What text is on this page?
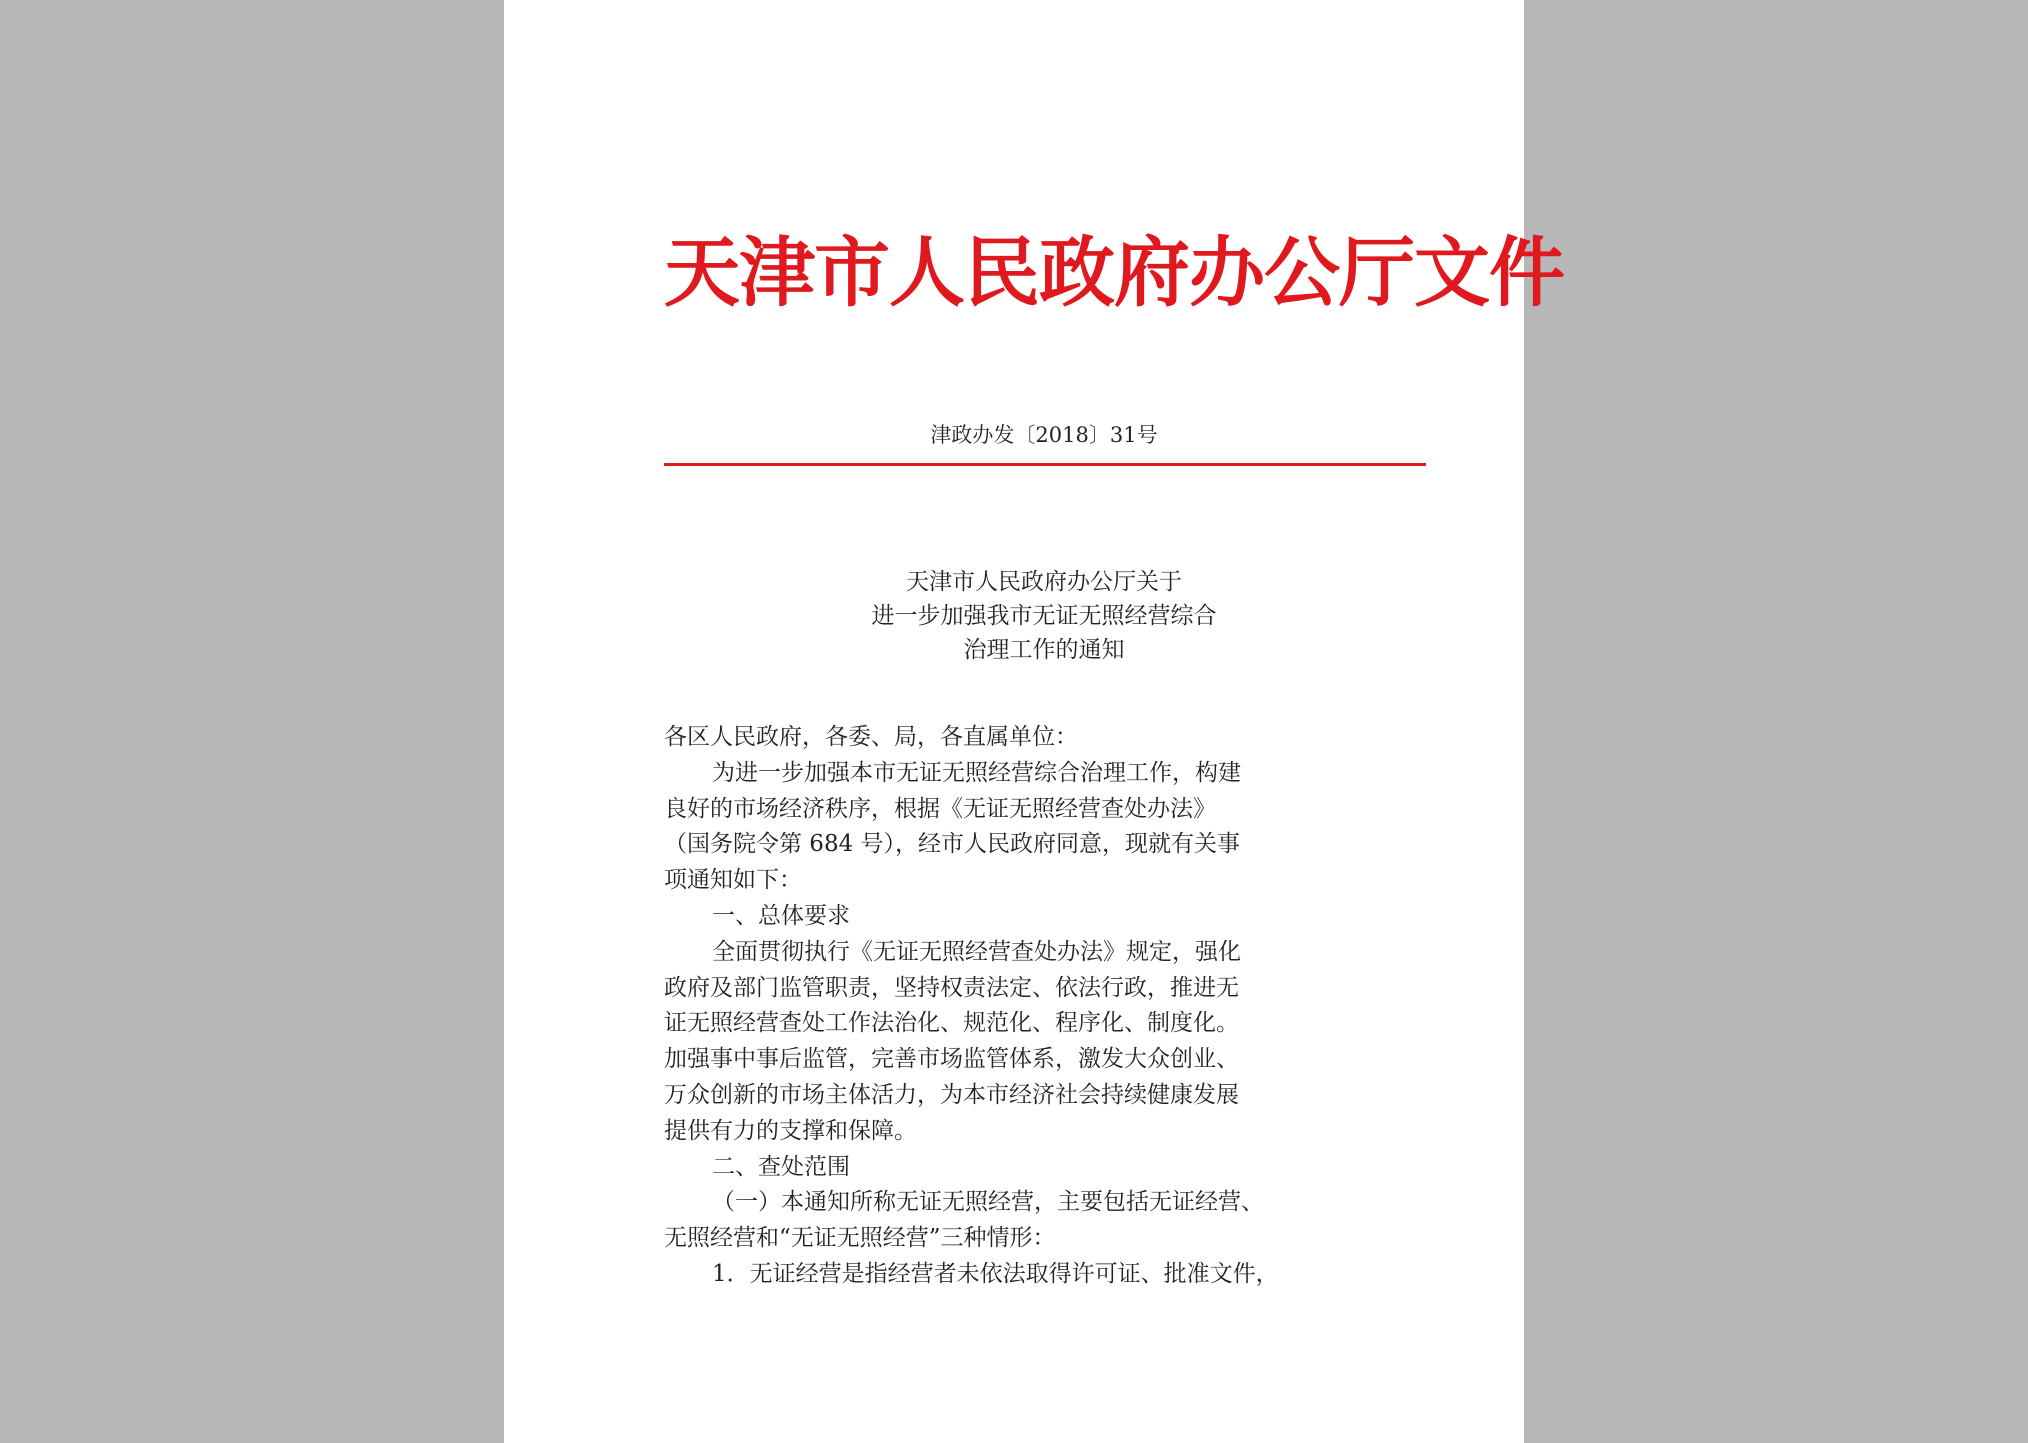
天津市人民政府办公厅文件
津政办发〔2018〕31号
天津市人民政府办公厅关于
进一步加强我市无证无照经营综合
治理工作的通知
各区人民政府，各委、局，各直属单位：
为进一步加强本市无证无照经营综合治理工作，构建
良好的市场经济秩序，根据《无证无照经营查处办法》
（国务院令第 684 号），经市人民政府同意，现就有关事
项通知如下：
一、总体要求
全面贯彻执行《无证无照经营查处办法》规定，强化
政府及部门监管职责，坚持权责法定、依法行政，推进无
证无照经营查处工作法治化、规范化、程序化、制度化。
加强事中事后监管，完善市场监管体系，激发大众创业、
万众创新的市场主体活力，为本市经济社会持续健康发展
提供有力的支撑和保障。
二、查处范围
（一）本通知所称无证无照经营，主要包括无证经营、
无照经营和“无证无照经营”三种情形：
1．无证经营是指经营者未依法取得许可证、批准文件，
